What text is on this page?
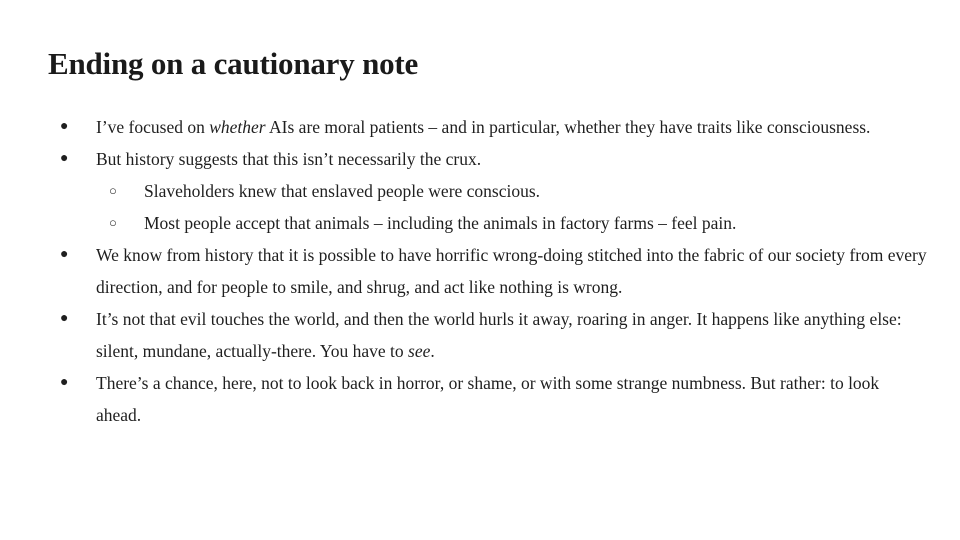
Ending on a cautionary note
● I’ve focused on whether AIs are moral patients – and in particular, whether they have traits like consciousness.
● But history suggests that this isn’t necessarily the crux.
○ Slaveholders knew that enslaved people were conscious.
○ Most people accept that animals – including the animals in factory farms – feel pain.
● We know from history that it is possible to have horrific wrong-doing stitched into the fabric of our society from every direction, and for people to smile, and shrug, and act like nothing is wrong.
● It’s not that evil touches the world, and then the world hurls it away, roaring in anger. It happens like anything else: silent, mundane, actually-there. You have to see.
● There’s a chance, here, not to look back in horror, or shame, or with some strange numbness. But rather: to look ahead.
